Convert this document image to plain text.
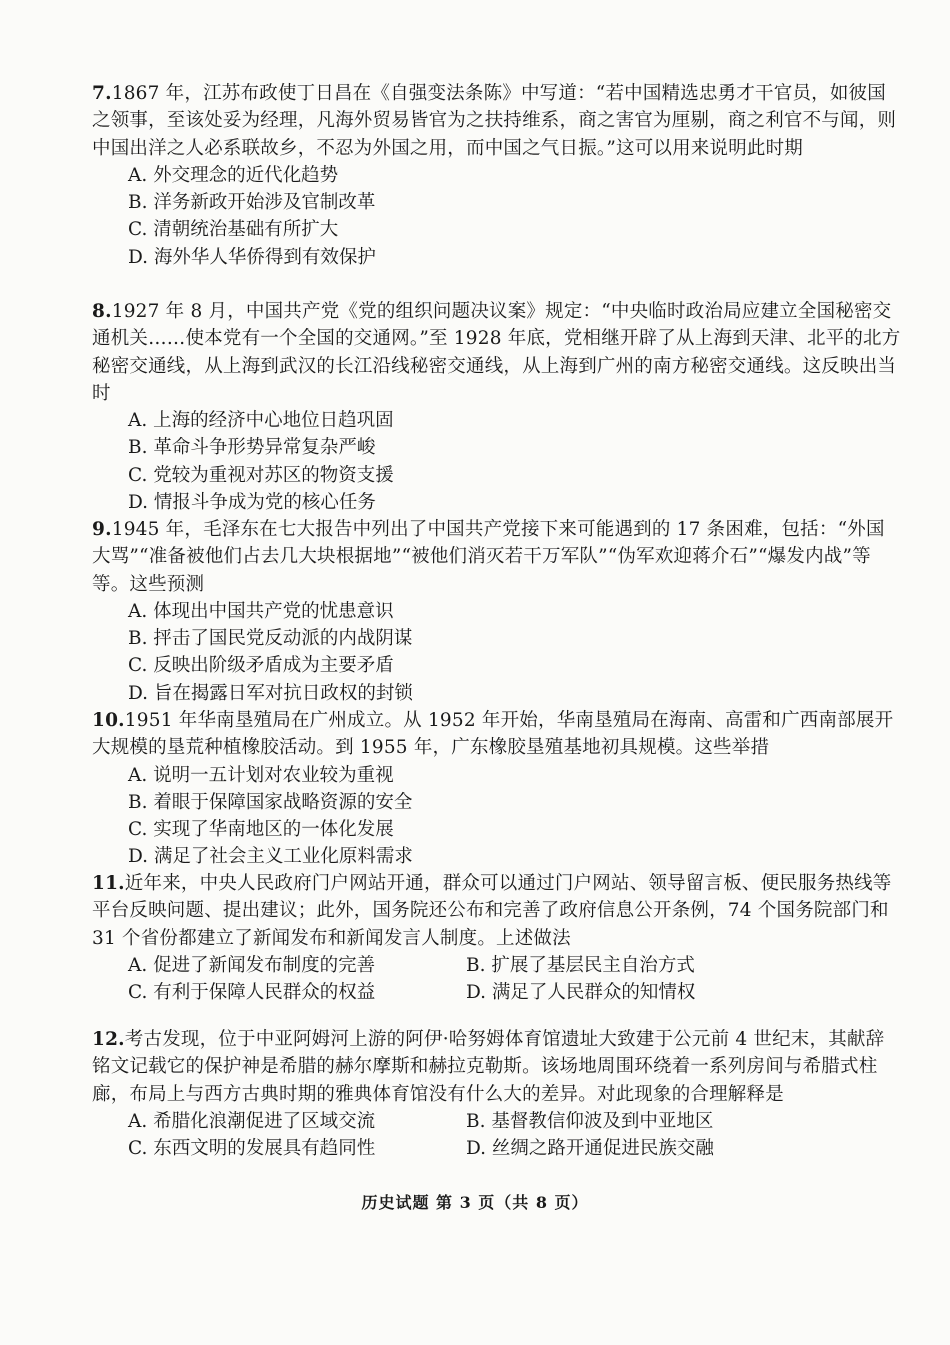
7.1867 年，江苏布政使丁日昌在《自强变法条陈》中写道：“若中国精选忠勇才干官员，如彼国之领事，至该处妥为经理，凡海外贸易皆官为之扶持维系，商之害官为厘剔，商之利官不与闻，则中国出洋之人必系联故乡，不忍为外国之用，而中国之气日振。”这可以用来说明此时期

A. 外交理念的近代化趋势
B. 洋务新政开始涉及官制改革
C. 清朝统治基础有所扩大
D. 海外华人华侨得到有效保护

8.1927 年 8 月，中国共产党《党的组织问题决议案》规定：“中央临时政治局应建立全国秘密交通机关……使本党有一个全国的交通网。”至 1928 年底，党相继开辟了从上海到天津、北平的北方秘密交通线，从上海到武汉的长江沿线秘密交通线，从上海到广州的南方秘密交通线。这反映出当时

A. 上海的经济中心地位日趋巩固
B. 革命斗争形势异常复杂严峻
C. 党较为重视对苏区的物资支援
D. 情报斗争成为党的核心任务

9.1945 年，毛泽东在七大报告中列出了中国共产党接下来可能遇到的 17 条困难，包括：“外国大骂”“准备被他们占去几大块根据地”“被他们消灭若干万军队”“伪军欢迎蒋介石”“爆发内战”等等。这些预测

A. 体现出中国共产党的忧患意识
B. 抨击了国民党反动派的内战阴谋
C. 反映出阶级矛盾成为主要矛盾
D. 旨在揭露日军对抗日政权的封锁

10.1951 年华南垦殖局在广州成立。从 1952 年开始，华南垦殖局在海南、高雷和广西南部展开大规模的垦荒种植橡胶活动。到 1955 年，广东橡胶垦殖基地初具规模。这些举措

A. 说明一五计划对农业较为重视
B. 着眼于保障国家战略资源的安全
C. 实现了华南地区的一体化发展
D. 满足了社会主义工业化原料需求

11.近年来，中央人民政府门户网站开通，群众可以通过门户网站、领导留言板、便民服务热线等平台反映问题、提出建议；此外，国务院还公布和完善了政府信息公开条例，74 个国务院部门和 31 个省份都建立了新闻发布和新闻发言人制度。上述做法

A. 促进了新闻发布制度的完善	B. 扩展了基层民主自治方式
C. 有利于保障人民群众的权益	D. 满足了人民群众的知情权

12.考古发现，位于中亚阿姆河上游的阿伊·哈努姆体育馆遗址大致建于公元前 4 世纪末，其献辞铭文记载它的保护神是希腊的赫尔摩斯和赫拉克勒斯。该场地周围环绕着一系列房间与希腊式柱廊，布局上与西方古典时期的雅典体育馆没有什么大的差异。对此现象的合理解释是

A. 希腊化浪潮促进了区域交流	B. 基督教信仰波及到中亚地区
C. 东西文明的发展具有趋同性	D. 丝绸之路开通促进民族交融
历史试题 第 3 页（共 8 页）
